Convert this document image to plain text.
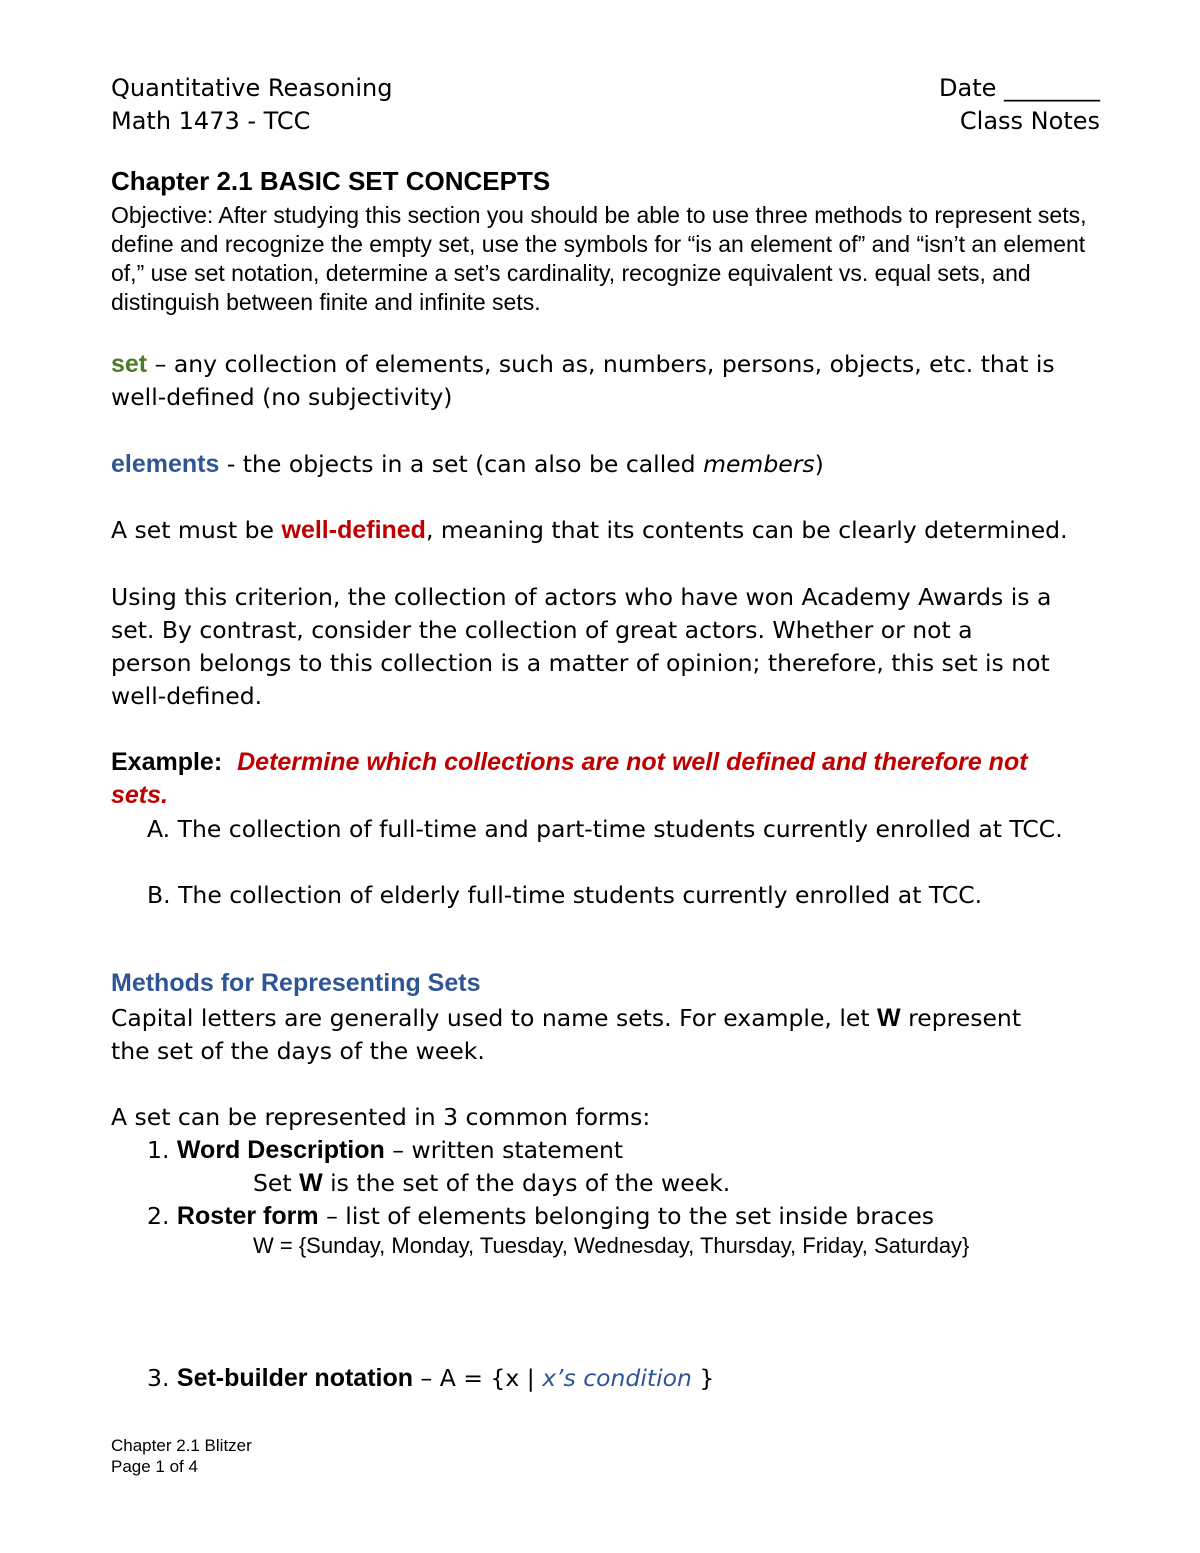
Quantitative Reasoning
Math 1473 - TCC
Date ________
Class Notes
Chapter 2.1 BASIC SET CONCEPTS
Objective: After studying this section you should be able to use three methods to represent sets, define and recognize the empty set, use the symbols for “is an element of” and “isn’t an element of,” use set notation, determine a set’s cardinality, recognize equivalent vs. equal sets, and distinguish between finite and infinite sets.
set – any collection of elements, such as, numbers, persons, objects, etc. that is
well-defined (no subjectivity)
elements - the objects in a set (can also be called members)
A set must be well-defined, meaning that its contents can be clearly determined.
Using this criterion, the collection of actors who have won Academy Awards is a
set. By contrast, consider the collection of great actors. Whether or not a
person belongs to this collection is a matter of opinion; therefore, this set is not
well-defined.
Example: Determine which collections are not well defined and therefore not
sets.
A. The collection of full-time and part-time students currently enrolled at TCC.
B. The collection of elderly full-time students currently enrolled at TCC.
Methods for Representing Sets
Capital letters are generally used to name sets. For example, let W represent
the set of the days of the week.
A set can be represented in 3 common forms:
1. Word Description – written statement
Set W is the set of the days of the week.
2. Roster form – list of elements belonging to the set inside braces
W = {Sunday, Monday, Tuesday, Wednesday, Thursday, Friday, Saturday}
3. Set-builder notation – A = {x | x’s condition }
Chapter 2.1 Blitzer
Page 1 of 4
